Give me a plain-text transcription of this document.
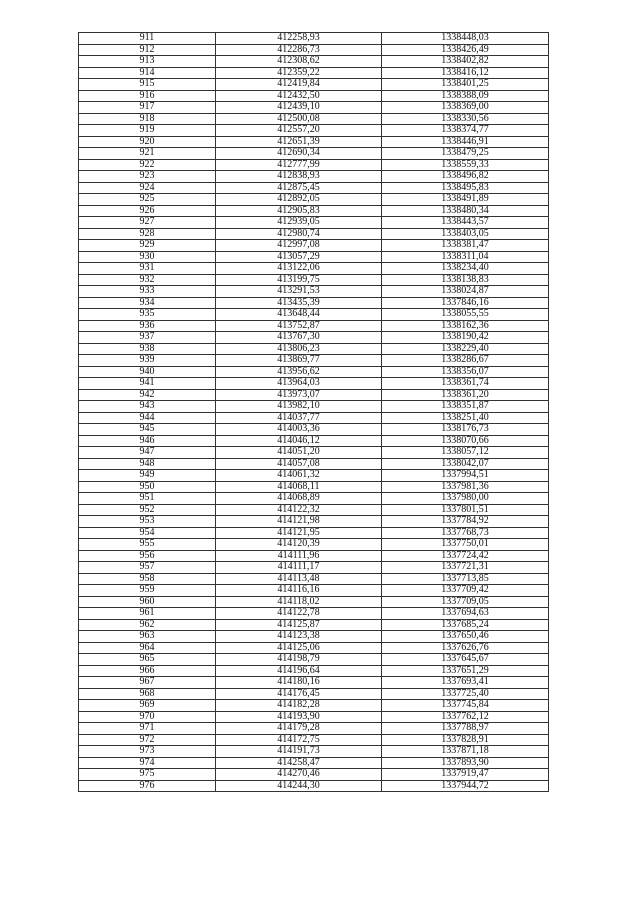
911	412258,93	1338448,03
912	412286,73	1338426,49
913	412308,62	1338402,82
914	412359,22	1338416,12
915	412419,84	1338401,25
916	412432,50	1338388,09
917	412439,10	1338369,00
918	412500,08	1338330,56
919	412557,20	1338374,77
920	412651,39	1338446,91
921	412690,34	1338479,25
922	412777,99	1338559,33
923	412838,93	1338496,82
924	412875,45	1338495,83
925	412892,05	1338491,89
926	412905,83	1338480,34
927	412939,05	1338443,57
928	412980,74	1338403,05
929	412997,08	1338381,47
930	413057,29	1338311,04
931	413122,06	1338234,40
932	413199,75	1338138,83
933	413291,53	1338024,87
934	413435,39	1337846,16
935	413648,44	1338055,55
936	413752,87	1338162,36
937	413767,30	1338190,42
938	413806,23	1338229,40
939	413869,77	1338286,67
940	413956,62	1338356,07
941	413964,03	1338361,74
942	413973,07	1338361,20
943	413982,10	1338351,87
944	414037,77	1338251,40
945	414003,36	1338176,73
946	414046,12	1338070,66
947	414051,20	1338057,12
948	414057,08	1338042,07
949	414061,32	1337994,51
950	414068,11	1337981,36
951	414068,89	1337980,00
952	414122,32	1337801,51
953	414121,98	1337784,92
954	414121,95	1337768,73
955	414120,39	1337750,01
956	414111,96	1337724,42
957	414111,17	1337721,31
958	414113,48	1337713,85
959	414116,16	1337709,42
960	414118,02	1337709,05
961	414122,78	1337694,63
962	414125,87	1337685,24
963	414123,38	1337650,46
964	414125,06	1337626,76
965	414198,79	1337645,67
966	414196,64	1337651,29
967	414180,16	1337693,41
968	414176,45	1337725,40
969	414182,28	1337745,84
970	414193,90	1337762,12
971	414179,28	1337788,97
972	414172,75	1337828,91
973	414191,73	1337871,18
974	414258,47	1337893,90
975	414270,46	1337919,47
976	414244,30	1337944,72
